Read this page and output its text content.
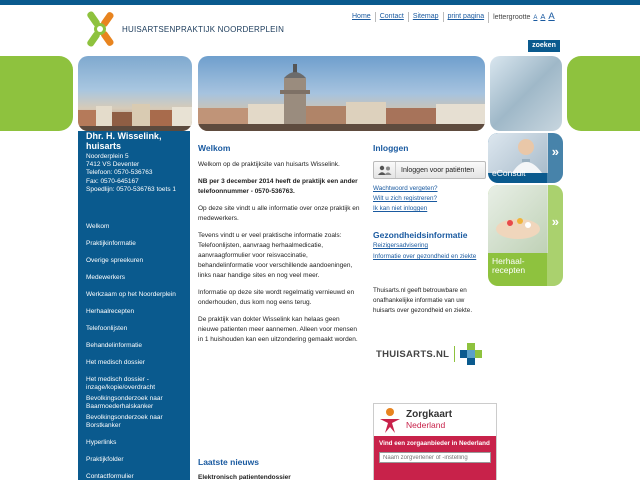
HUISARTSENPRAKTIJK NOORDERPLEIN
Home	Contact	Sitemap	print pagina	lettergrootte A A A
zoeken
Dhr. H. Wisselink, huisarts
Noorderplein 5
7412 VS Deventer
Telefoon: 0570-536763
Fax: 0570-645167
Spoedlijn: 0570-536763 toets 1
Welkom
Praktijkinformatie
Overige spreekuren
Medewerkers
Werkzaam op het Noorderplein
Herhaalrecepten
Telefoonlijsten
Behandelinformatie
Het medisch dossier
Het medisch dossier - inzage/kopie/overdracht
Bevolkingsonderzoek naar Baarmoederhalskanker
Bevolkingsonderzoek naar Borstkanker
Hyperlinks
Praktijkfolder
Contactformulier
Welkom

Welkom op de praktijksite van huisarts Wisselink.

NB per 3 december 2014 heeft de praktijk een ander telefoonnummer - 0570-536763.

Op deze site vindt u alle informatie over onze praktijk en medewerkers.

Tevens vindt u er veel praktische informatie zoals: Telefoonlijsten, aanvraag herhaalmedicatie, aanvraagformulier voor reisvaccinatie, behandelinformatie voor verschillende aandoeningen, links naar handige sites en nog veel meer.

Informatie op deze site wordt regelmatig vernieuwd en onderhouden, dus kom nog eens terug.

De praktijk van dokter Wisselink kan helaas geen nieuwe patienten meer aannemen. Alleen voor mensen in 1 huishouden kan een uitzondering gemaakt worden.

Laatste nieuws
Elektronisch patientendossier
Inloggen
Inloggen voor patiënten
Wachtwoord vergeten?
Wilt u zich registreren?
Ik kan niet inloggen
Gezondheidsinformatie
Reizigersadvisering
Informatie over gezondheid en ziekte
Thuisarts.nl geeft betrouwbare en onafhankelijke informatie van uw huisarts over gezondheid en ziekte.
THUISARTS.NL
Zorgkaart
Nederland
Vind een zorgaanbieder in Nederland
Naam zorgverlener of -instelling
»
eConsult
»
Herhaal-
recepten
